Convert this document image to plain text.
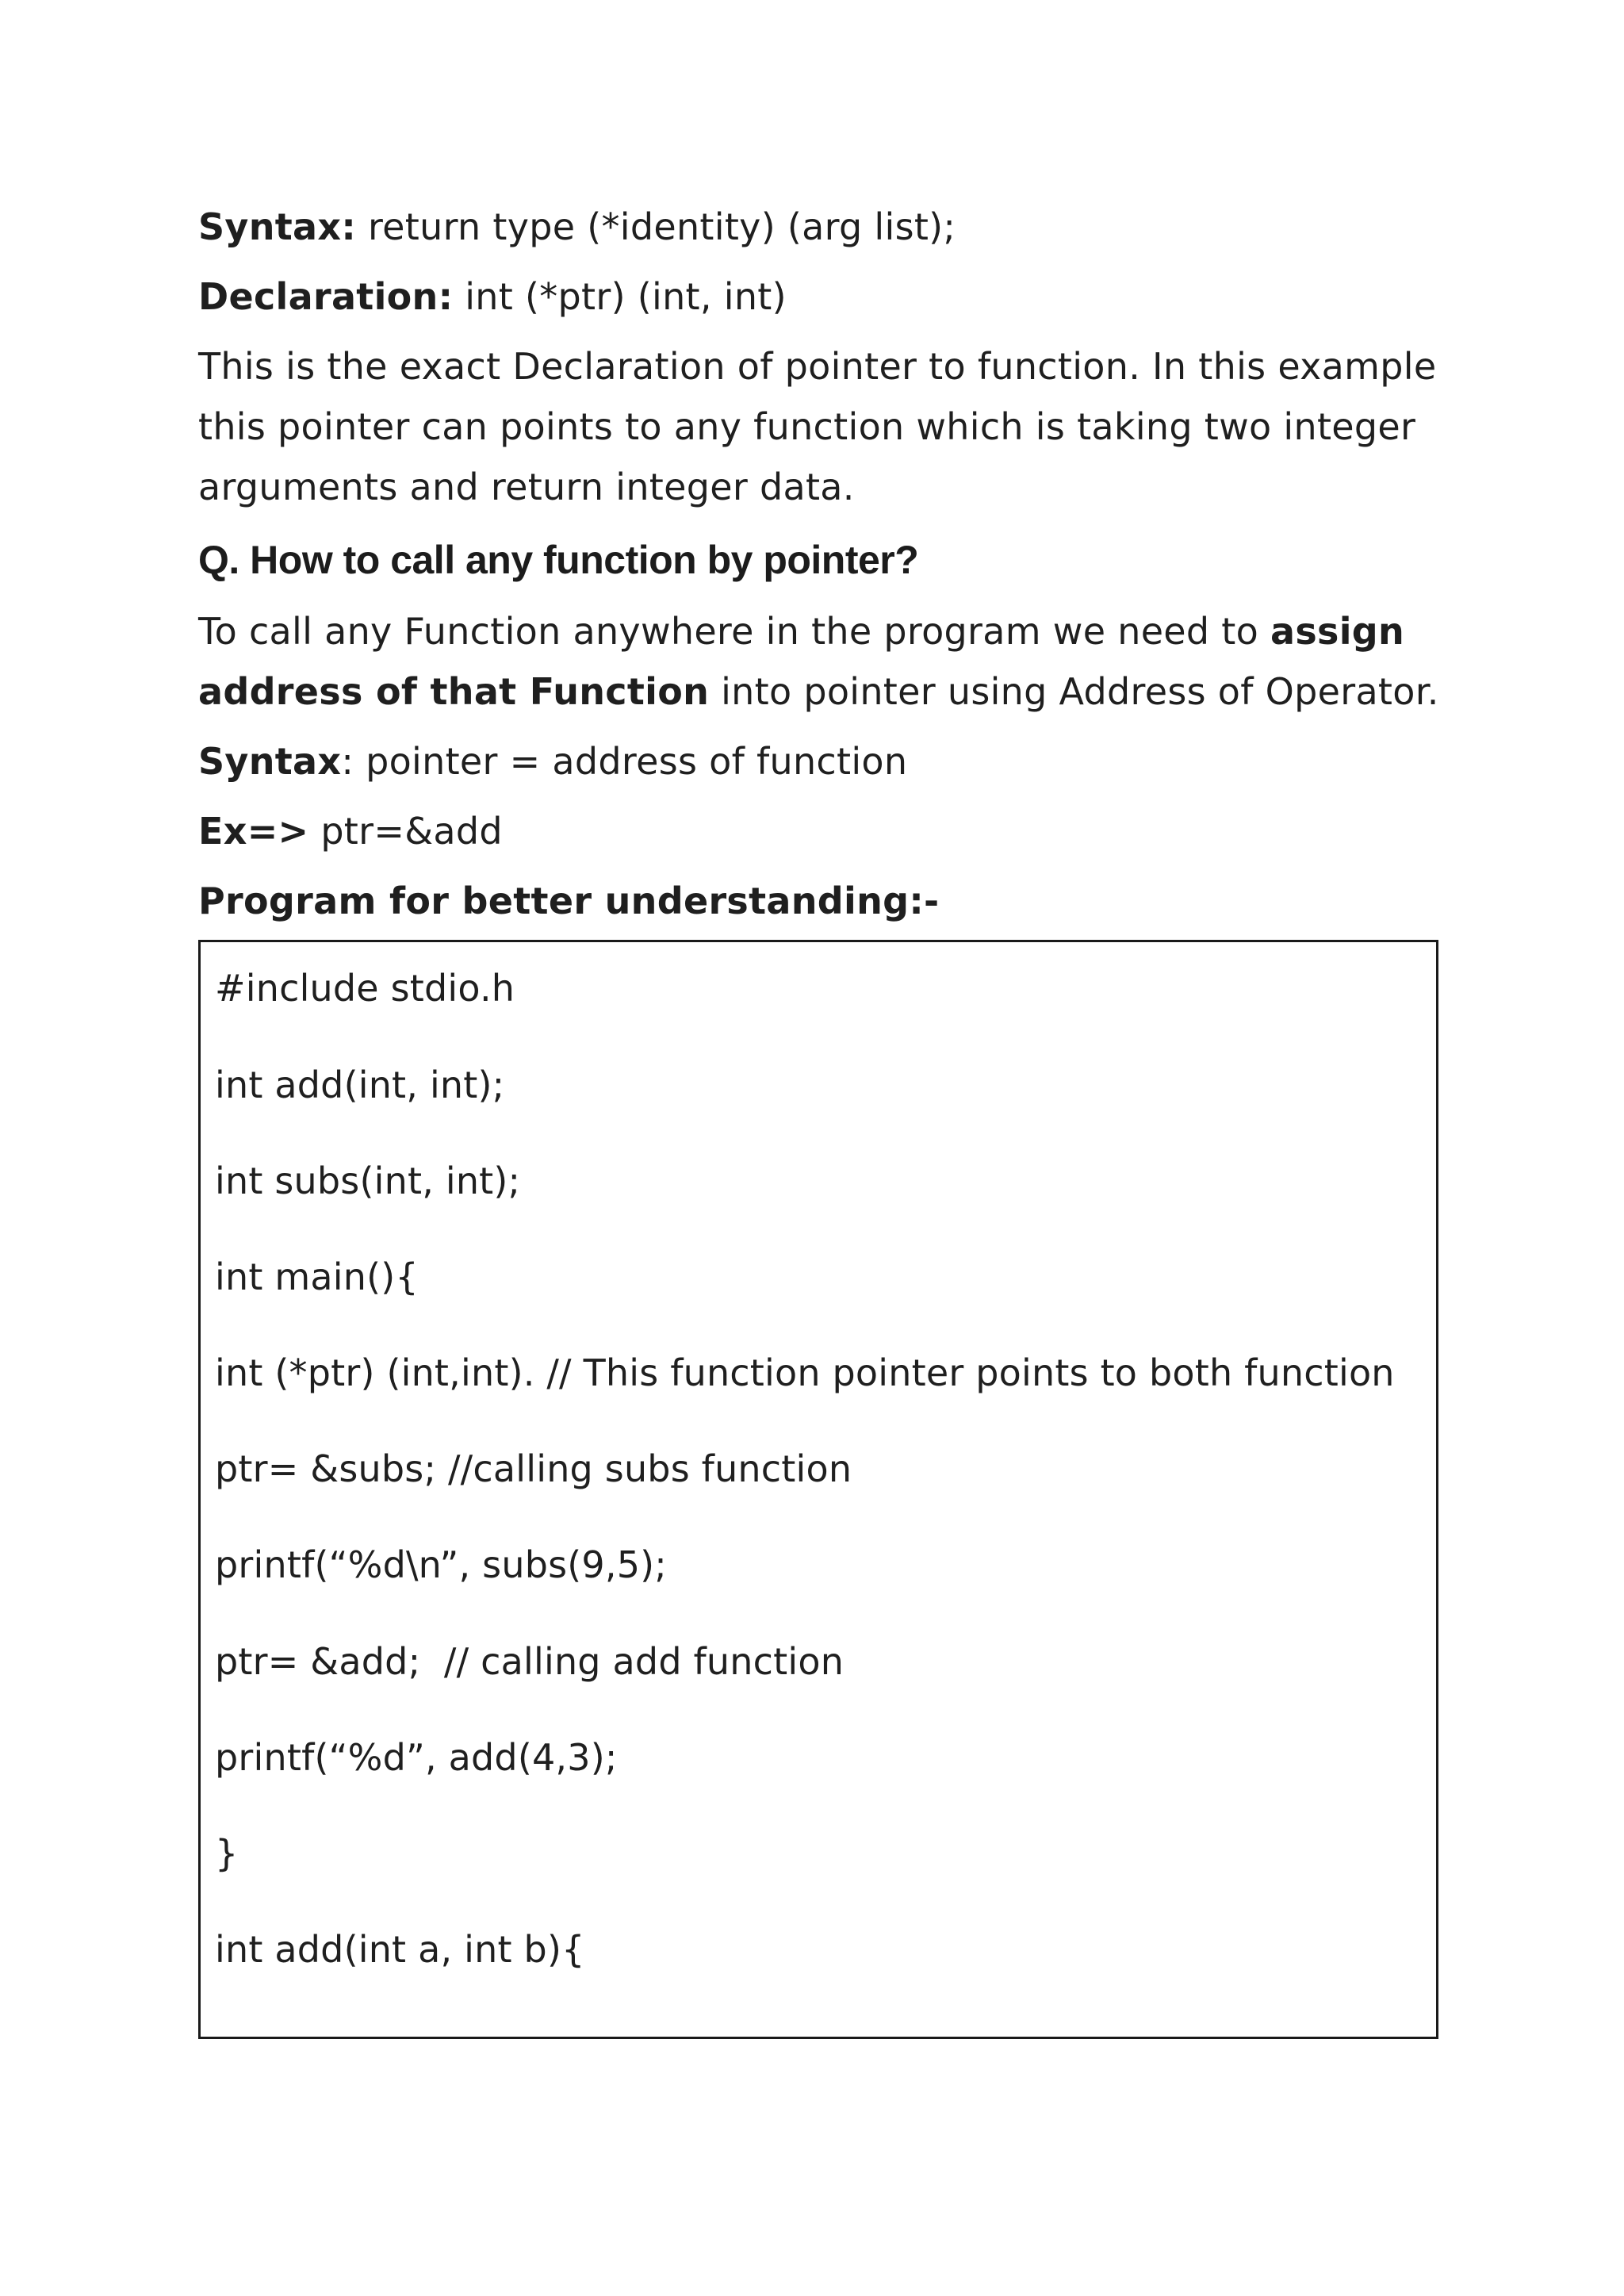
Syntax: return type (*identity) (arg list);

Declaration: int (*ptr) (int, int)

This is the exact Declaration of pointer to function. In this example
this pointer can points to any function which is taking two integer
arguments and return integer data.

Q. How to call any function by pointer?

To call any Function anywhere in the program we need to assign
address of that Function into pointer using Address of Operator.

Syntax: pointer = address of function

Ex=> ptr=&add

Program for better understanding:-

#include stdio.h
int add(int, int);
int subs(int, int);
int main(){
int (*ptr) (int,int). // This function pointer points to both function
ptr= &subs; //calling subs function
printf(“%d\n”, subs(9,5);
ptr= &add;  // calling add function
printf(“%d”, add(4,3);
}
int add(int a, int b){
